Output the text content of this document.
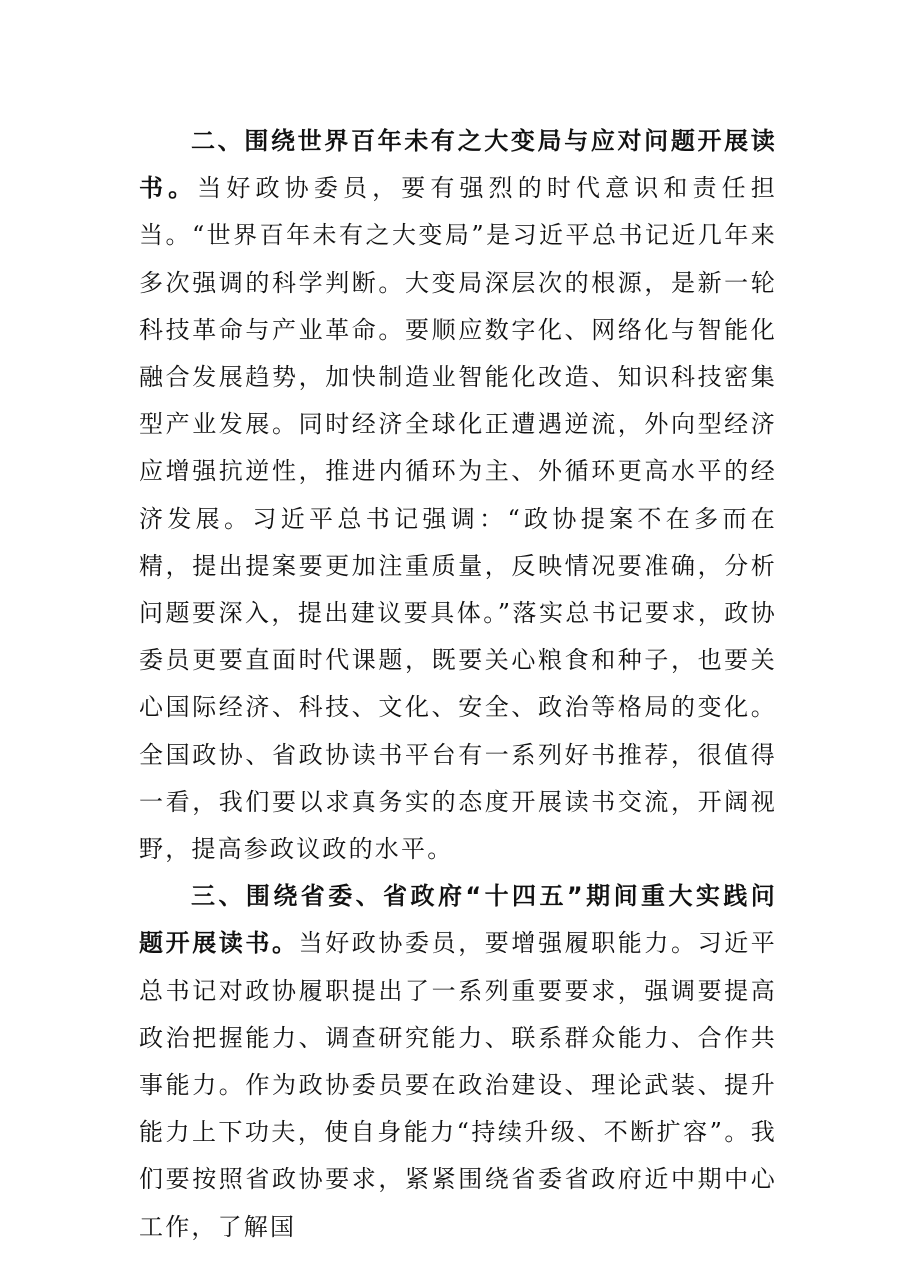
二、围绕世界百年未有之大变局与应对问题开展读书。当好政协委员，要有强烈的时代意识和责任担当。“世界百年未有之大变局”是习近平总书记近几年来多次强调的科学判断。大变局深层次的根源，是新一轮科技革命与产业革命。要顺应数字化、网络化与智能化融合发展趋势，加快制造业智能化改造、知识科技密集型产业发展。同时经济全球化正遭遇逆流，外向型经济应增强抗逆性，推进内循环为主、外循环更高水平的经济发展。习近平总书记强调：“政协提案不在多而在精，提出提案要更加注重质量，反映情况要准确，分析问题要深入，提出建议要具体。”落实总书记要求，政协委员更要直面时代课题，既要关心粮食和种子，也要关心国际经济、科技、文化、安全、政治等格局的变化。全国政协、省政协读书平台有一系列好书推荐，很值得一看，我们要以求真务实的态度开展读书交流，开阔视野，提高参政议政的水平。

三、围绕省委、省政府“十四五”期间重大实践问题开展读书。当好政协委员，要增强履职能力。习近平总书记对政协履职提出了一系列重要要求，强调要提高政治把握能力、调查研究能力、联系群众能力、合作共事能力。作为政协委员要在政治建设、理论武装、提升能力上下功夫，使自身能力“持续升级、不断扩容”。我们要按照省政协要求，紧紧围绕省委省政府近中期中心工作，了解国
